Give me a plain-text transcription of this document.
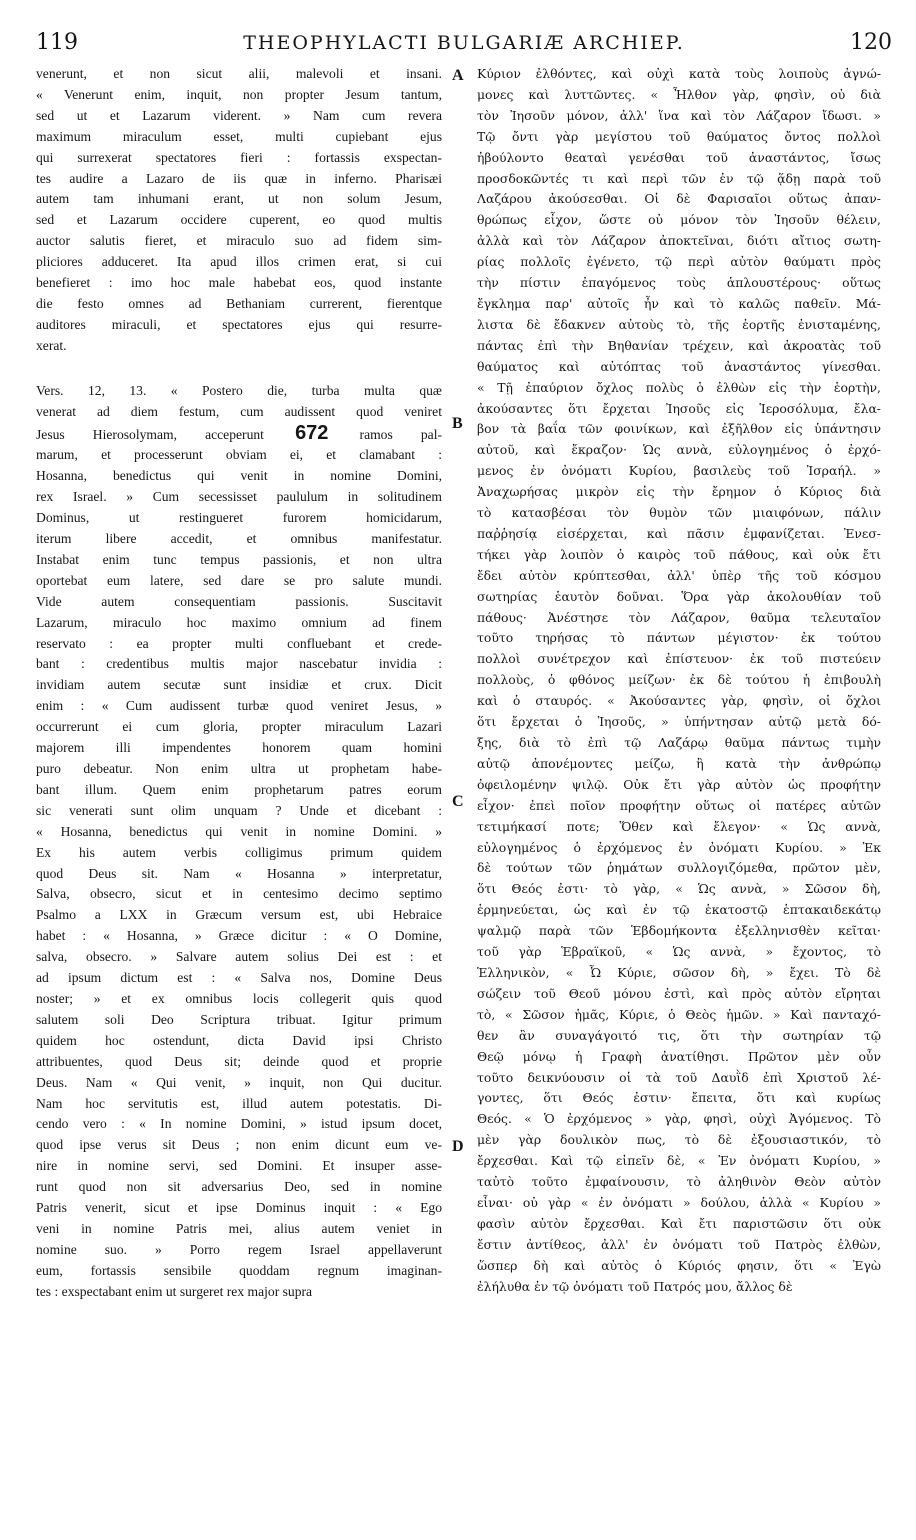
119	THEOPHYLACTI BULGARIÆ ARCHIEP.	120
A
B
C
D
venerunt, et non sicut alii, malevoli et insani.
« Venerunt enim, inquit, non propter Jesum tantum,
sed ut et Lazarum viderent. » Nam cum revera
maximum miraculum esset, multi cupiebant ejus
qui surrexerat spectatores fieri : fortassis exspectan-
tes audire a Lazaro de iis quæ in inferno. Pharisæi
autem tam inhumani erant, ut non solum Jesum,
sed et Lazarum occidere cuperent, eo quod multis
auctor salutis fieret, et miraculo suo ad fidem sim-
pliciores adduceret. Ita apud illos crimen erat, si cui
benefieret : imo hoc male habebat eos, quod instante
die festo omnes ad Bethaniam currerent, fierentque
auditores miraculi, et spectatores ejus qui resurre-
xerat.
Vers. 12, 13. « Postero die, turba multa quæ
venerat ad diem festum, cum audissent quod veniret
Jesus Hierosolymam, acceperunt 672 ramos pal-
marum, et processerunt obviam ei, et clamabant :
Hosanna, benedictus qui venit in nomine Domini,
rex Israel. » Cum secessisset paululum in solitudinem
Dominus, ut restingueret furorem homicidarum,
iterum libere accedit, et omnibus manifestatur.
Instabat enim tunc tempus passionis, et non ultra
oportebat eum latere, sed dare se pro salute mundi.
Vide autem consequentiam passionis. Suscitavit
Lazarum, miraculo hoc maximo omnium ad finem
reservato : ea propter multi confluebant et crede-
bant : credentibus multis major nascebatur invidia :
invidiam autem secutæ sunt insidiæ et crux. Dicit
enim : « Cum audissent turbæ quod veniret Jesus, »
occurrerunt ei cum gloria, propter miraculum Lazari
majorem illi impendentes honorem quam homini
puro debeatur. Non enim ultra ut prophetam habe-
bant illum. Quem enim prophetarum patres eorum
sic venerati sunt olim unquam ? Unde et dicebant :
« Hosanna, benedictus qui venit in nomine Domini. »
Ex his autem verbis colligimus primum quidem
quod Deus sit. Nam « Hosanna » interpretatur,
Salva, obsecro, sicut et in centesimo decimo septimo
Psalmo a LXX in Græcum versum est, ubi Hebraice
habet : « Hosanna, » Græce dicitur : « O Domine,
salva, obsecro. » Salvare autem solius Dei est : et
ad ipsum dictum est : « Salva nos, Domine Deus
noster; » et ex omnibus locis collegerit quis quod
salutem soli Deo Scriptura tribuat. Igitur primum
quidem hoc ostendunt, dicta David ipsi Christo
attribuentes, quod Deus sit; deinde quod et proprie
Deus. Nam « Qui venit, » inquit, non Qui ducitur.
Nam hoc servitutis est, illud autem potestatis. Di-
cendo vero : « In nomine Domini, » istud ipsum docet,
quod ipse verus sit Deus ; non enim dicunt eum ve-
nire in nomine servi, sed Domini. Et insuper asse-
runt quod non sit adversarius Deo, sed in nomine
Patris venerit, sicut et ipse Dominus inquit : « Ego
veni in nomine Patris mei, alius autem veniet in
nomine suo. » Porro regem Israel appellaverunt
eum, fortassis sensibile quoddam regnum imaginan-
tes : exspectabant enim ut surgeret rex major supra
Κύριον ἐλθόντες, καὶ οὐχὶ κατὰ τοὺς λοιποὺς ἀγνώ-
μονες καὶ λυττῶντες. « Ἦλθον γὰρ, φησὶν, οὐ διὰ
τὸν Ἰησοῦν μόνον, ἀλλ' ἵνα καὶ τὸν Λάζαρον ἴδωσι. »
Τῷ ὄντι γὰρ μεγίστου τοῦ θαύματος ὄντος πολλοὶ
ἠβούλοντο θεαταὶ γενέσθαι τοῦ ἀναστάντος, ἴσως
προσδοκῶντές τι καὶ περὶ τῶν ἐν τῷ ᾅδῃ παρὰ τοῦ
Λαζάρου ἀκούσεσθαι. Οἱ δὲ Φαρισαῖοι οὕτως ἀπαν-
θρώπως εἶχον, ὥστε οὐ μόνον τὸν Ἰησοῦν θέλειν,
ἀλλὰ καὶ τὸν Λάζαρον ἀποκτεῖναι, διότι αἴτιος σωτη-
ρίας πολλοῖς ἐγένετο, τῷ περὶ αὐτὸν θαύματι πρὸς
τὴν πίστιν ἐπαγόμενος τοὺς ἁπλουστέρους· οὕτως
ἔγκλημα παρ' αὐτοῖς ἦν καὶ τὸ καλῶς παθεῖν. Μά-
λιστα δὲ ἔδακνεν αὐτοὺς τὸ, τῆς ἑορτῆς ἐνισταμένης,
πάντας ἐπὶ τὴν Βηθανίαν τρέχειν, καὶ ἀκροατὰς τοῦ
θαύματος καὶ αὐτόπτας τοῦ ἀναστάντος γίνεσθαι.
« Τῇ ἐπαύριον ὄχλος πολὺς ὁ ἐλθὼν εἰς τὴν ἑορτὴν,
ἀκούσαντες ὅτι ἔρχεται Ἰησοῦς εἰς Ἱεροσόλυμα, ἔλα-
βον τὰ βαΐα τῶν φοινίκων, καὶ ἐξῆλθον εἰς ὑπάντησιν
αὐτοῦ, καὶ ἔκραζον· Ὡς αννὰ, εὐλογημένος ὁ ἐρχό-
μενος ἐν ὀνόματι Κυρίου, βασιλεὺς τοῦ Ἰσραήλ. »
Ἀναχωρήσας μικρὸν εἰς τὴν ἔρημον ὁ Κύριος διὰ
τὸ κατασβέσαι τὸν θυμὸν τῶν μιαιφόνων, πάλιν
παῤῥησίᾳ εἰσέρχεται, καὶ πᾶσιν ἐμφανίζεται. Ἐνεσ-
τήκει γὰρ λοιπὸν ὁ καιρὸς τοῦ πάθους, καὶ οὐκ ἔτι
ἔδει αὐτὸν κρύπτεσθαι, ἀλλ' ὑπὲρ τῆς τοῦ κόσμου
σωτηρίας ἑαυτὸν δοῦναι. Ὅρα γὰρ ἀκολουθίαν τοῦ
πάθους· Ἀνέστησε τὸν Λάζαρον, θαῦμα τελευταῖον
τοῦτο τηρήσας τὸ πάντων μέγιστον· ἐκ τούτου
πολλοὶ συνέτρεχον καὶ ἐπίστευον· ἐκ τοῦ πιστεύειν
πολλοὺς, ὁ φθόνος μείζων· ἐκ δὲ τούτου ἡ ἐπιβουλὴ
καὶ ὁ σταυρός. « Ἀκούσαντες γὰρ, φησὶν, οἱ ὄχλοι
ὅτι ἔρχεται ὁ Ἰησοῦς, » ὑπήντησαν αὐτῷ μετὰ δό-
ξης, διὰ τὸ ἐπὶ τῷ Λαζάρῳ θαῦμα πάντως τιμὴν
αὐτῷ ἀπονέμοντες μείζω, ἢ κατὰ τὴν ἀνθρώπῳ
ὀφειλομένην ψιλῷ. Οὐκ ἔτι γὰρ αὐτὸν ὡς προφήτην
εἶχον· ἐπεὶ ποῖον προφήτην οὕτως οἱ πατέρες αὐτῶν
τετιμήκασί ποτε; Ὅθεν καὶ ἔλεγον· « Ὡς αννὰ,
εὐλογημένος ὁ ἐρχόμενος ἐν ὀνόματι Κυρίου. » Ἐκ
δὲ τούτων τῶν ῥημάτων συλλογιζόμεθα, πρῶτον μὲν,
ὅτι Θεός ἐστι· τὸ γὰρ, « Ὡς αννὰ, » Σῶσον δὴ,
ἑρμηνεύεται, ὡς καὶ ἐν τῷ ἑκατοστῷ ἑπτακαιδεκάτῳ
ψαλμῷ παρὰ τῶν Ἑβδομήκοντα ἐξελληνισθὲν κεῖται·
τοῦ γὰρ Ἑβραϊκοῦ, « Ὡς αννὰ, » ἔχοντος, τὸ
Ἑλληνικὸν, « Ὦ Κύριε, σῶσον δὴ, » ἔχει. Τὸ δὲ
σώζειν τοῦ Θεοῦ μόνου ἐστὶ, καὶ πρὸς αὐτὸν εἴρηται
τὸ, « Σῶσον ἡμᾶς, Κύριε, ὁ Θεὸς ἡμῶν. » Καὶ πανταχό-
θεν ἂν συναγάγοιτό τις, ὅτι τὴν σωτηρίαν τῷ
Θεῷ μόνῳ ἡ Γραφὴ ἀνατίθησι. Πρῶτον μὲν οὖν
τοῦτο δεικνύουσιν οἱ τὰ τοῦ Δαυῒδ ἐπὶ Χριστοῦ λέ-
γοντες, ὅτι Θεός ἐστιν· ἔπειτα, ὅτι καὶ κυρίως
Θεός. « Ὁ ἐρχόμενος » γὰρ, φησὶ, οὐχὶ Ἀγόμενος. Τὸ
μὲν γὰρ δουλικὸν πως, τὸ δὲ ἐξουσιαστικόν, τὸ
ἔρχεσθαι. Καὶ τῷ εἰπεῖν δὲ, « Ἐν ὀνόματι Κυρίου, »
ταὐτὸ τοῦτο ἐμφαίνουσιν, τὸ ἀληθινὸν Θεὸν αὐτὸν
εἶναι· οὐ γὰρ « ἐν ὀνόματι » δούλου, ἀλλὰ « Κυρίου »
φασὶν αὐτὸν ἔρχεσθαι. Καὶ ἔτι παριστῶσιν ὅτι οὐκ
ἔστιν ἀντίθεος, ἀλλ' ἐν ὀνόματι τοῦ Πατρὸς ἐλθὼν,
ὥσπερ δὴ καὶ αὐτὸς ὁ Κύριός φησιν, ὅτι « Ἐγὼ
ἐλήλυθα ἐν τῷ ὀνόματι τοῦ Πατρός μου, ἄλλος δὲ
